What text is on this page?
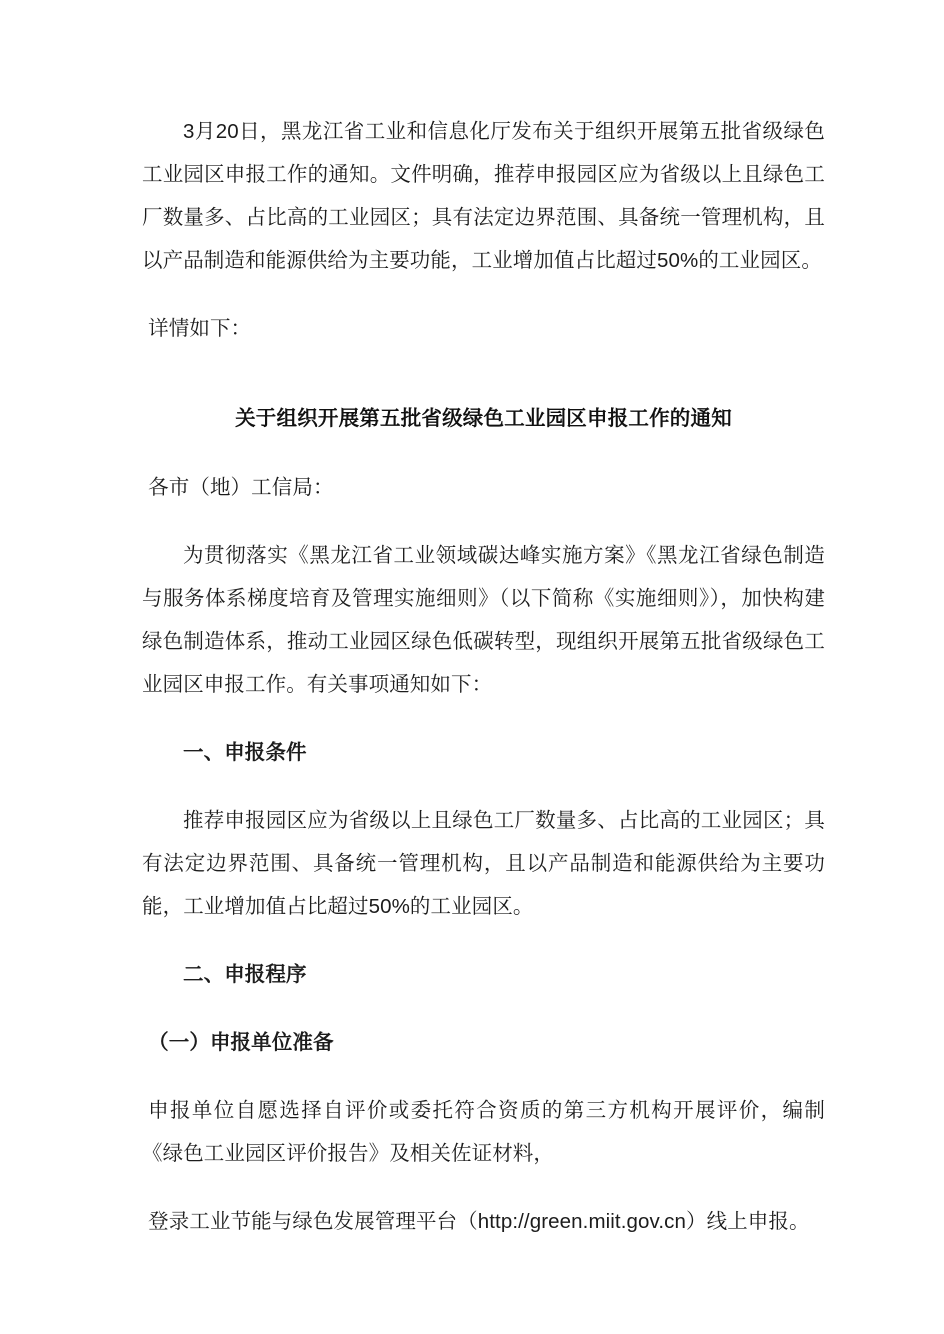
3月20日，黑龙江省工业和信息化厅发布关于组织开展第五批省级绿色工业园区申报工作的通知。文件明确，推荐申报园区应为省级以上且绿色工厂数量多、占比高的工业园区；具有法定边界范围、具备统一管理机构，且以产品制造和能源供给为主要功能，工业增加值占比超过50%的工业园区。

详情如下：

关于组织开展第五批省级绿色工业园区申报工作的通知

各市（地）工信局：

为贯彻落实《黑龙江省工业领域碳达峰实施方案》《黑龙江省绿色制造与服务体系梯度培育及管理实施细则》（以下简称《实施细则》），加快构建绿色制造体系，推动工业园区绿色低碳转型，现组织开展第五批省级绿色工业园区申报工作。有关事项通知如下：

一、申报条件

推荐申报园区应为省级以上且绿色工厂数量多、占比高的工业园区；具有法定边界范围、具备统一管理机构，且以产品制造和能源供给为主要功能，工业增加值占比超过50%的工业园区。

二、申报程序
（一）申报单位准备

申报单位自愿选择自评价或委托符合资质的第三方机构开展评价，编制《绿色工业园区评价报告》及相关佐证材料，

登录工业节能与绿色发展管理平台（http://green.miit.gov.cn）线上申报。
